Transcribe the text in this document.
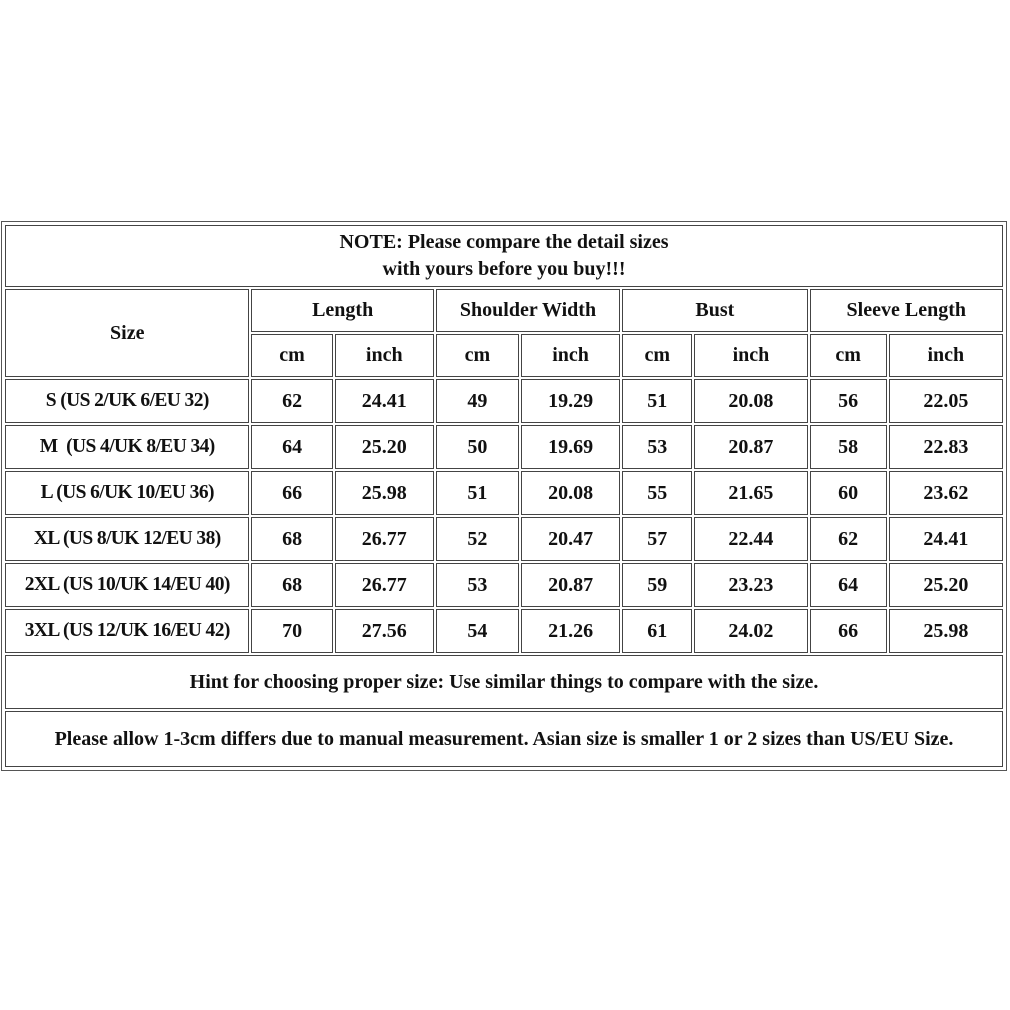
NOTE: Please compare the detail sizes
with yours before you buy!!!								

Size	Length		Shoulder Width		Bust		Sleeve Length	
	cm	inch	cm	inch	cm	inch	cm	inch
S (US 2/UK 6/EU 32)	62	24.41	49	19.29	51	20.08	56	22.05
M  (US 4/UK 8/EU 34)	64	25.20	50	19.69	53	20.87	58	22.83
L (US 6/UK 10/EU 36)	66	25.98	51	20.08	55	21.65	60	23.62
XL (US 8/UK 12/EU 38)	68	26.77	52	20.47	57	22.44	62	24.41
2XL (US 10/UK 14/EU 40)	68	26.77	53	20.87	59	23.23	64	25.20
3XL (US 12/UK 16/EU 42)	70	27.56	54	21.26	61	24.02	66	25.98
Hint for choosing proper size: Use similar things to compare with the size.								
Please allow 1-3cm differs due to manual measurement. Asian size is smaller 1 or 2 sizes than US/EU Size.								
